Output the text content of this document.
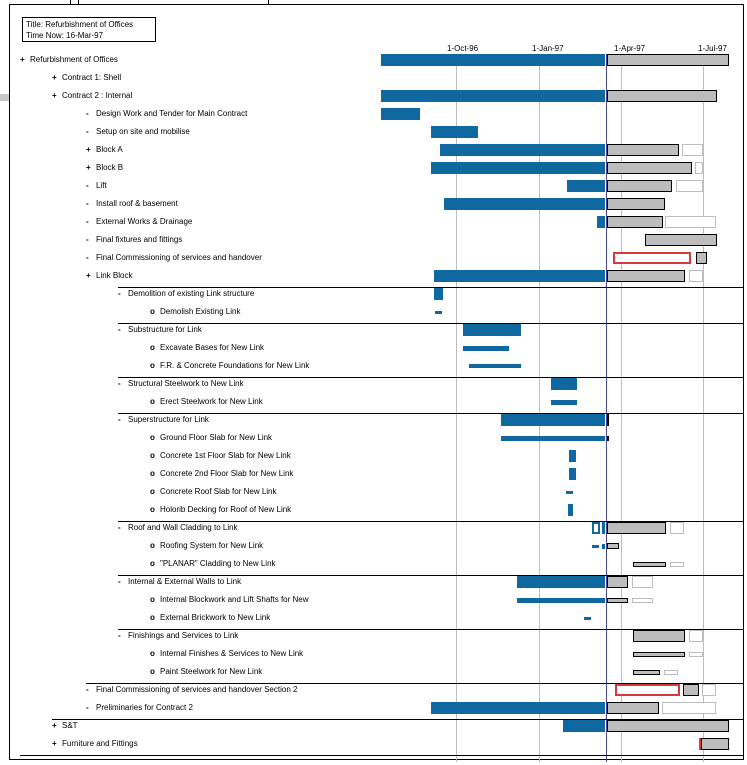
Title: Refurbishment of Offices
Time Now: 16-Mar-97
1-Oct-96	1-Jan-97	1-Apr-97	1-Jul-97
+ Refurbishment of Offices
+ Contract 1: Shell
+ Contract 2 : Internal
- Design Work and Tender for Main Contract
- Setup on site and mobilise
+ Block A
+ Block B
- Lift
- Install roof & basement
- External Works & Drainage
- Final fixtures and fittings
- Final Commissioning of services and handover
+ Link Block
- Demolition of existing Link structure
o Demolish Existing Link
- Substructure for Link
o Excavate Bases for New Link
o F.R. & Concrete Foundations for New Link
- Structural Steelwork to New Link
o Erect Steelwork for New Link
- Superstructure for Link
o Ground Floor Slab for New Link
o Concrete 1st Floor Slab for New Link
o Concrete 2nd Floor Slab for New Link
o Concrete Roof Slab for New Link
o Holorib Decking for Roof of New Link
- Roof and Wall Cladding to Link
o Roofing System for New Link
o "PLANAR" Cladding to New Link
- Internal & External Walls to Link
o Internal Blockwork and Lift Shafts for New
o External Brickwork to New Link
- Finishings and Services to Link
o Internal Finishes & Services to New Link
o Paint Steelwork for New Link
- Final Commissioning of services and handover Section 2
- Preliminaries for Contract 2
+ S&T
+ Furniture and Fittings
